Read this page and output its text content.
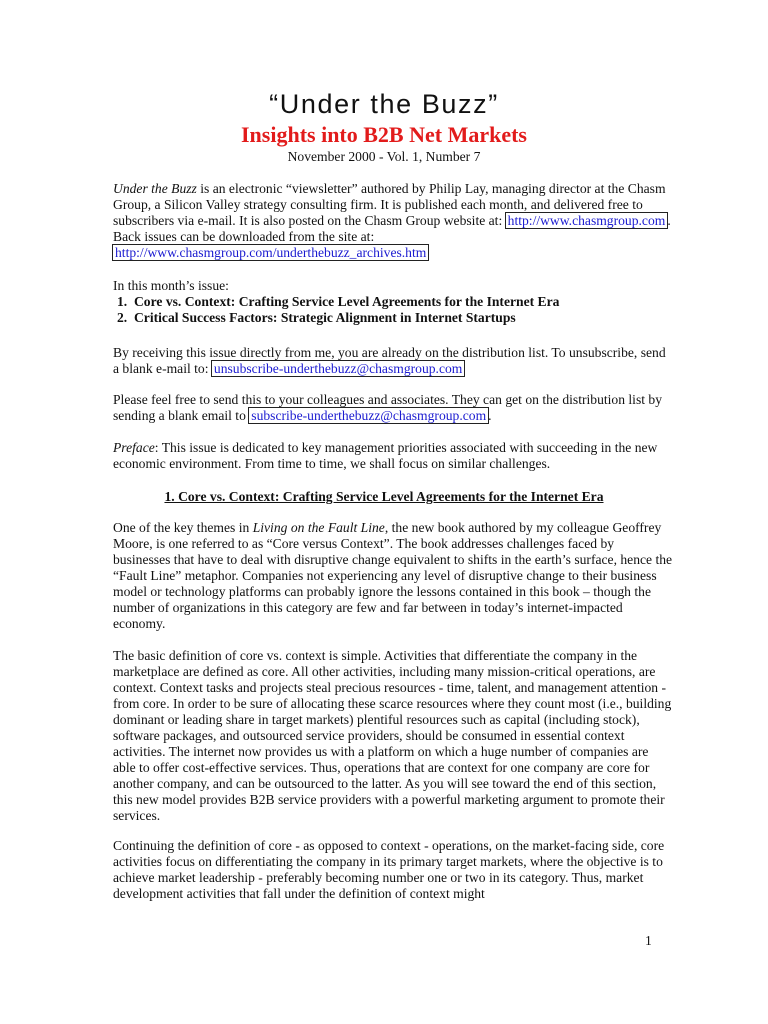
“Under the Buzz”
Insights into B2B Net Markets
November 2000 - Vol. 1, Number 7

Under the Buzz is an electronic “viewsletter” authored by Philip Lay, managing director at the Chasm Group, a Silicon Valley strategy consulting firm. It is published each month, and delivered free to subscribers via e-mail. It is also posted on the Chasm Group website at: http://www.chasmgroup.com . Back issues can be downloaded from the site at: http://www.chasmgroup.com/underthebuzz_archives.htm

In this month’s issue:

1.  Core vs. Context: Crafting Service Level Agreements for the Internet Era
2.  Critical Success Factors: Strategic Alignment in Internet Startups

By receiving this issue directly from me, you are already on the distribution list. To unsubscribe, send a blank e-mail to: unsubscribe-underthebuzz@chasmgroup.com

Please feel free to send this to your colleagues and associates. They can get on the distribution list by sending a blank email to subscribe-underthebuzz@chasmgroup.com .

Preface: This issue is dedicated to key management priorities associated with succeeding in the new economic environment. From time to time, we shall focus on similar challenges.

1. Core vs. Context: Crafting Service Level Agreements for the Internet Era

One of the key themes in Living on the Fault Line, the new book authored by my colleague Geoffrey Moore, is one referred to as “Core versus Context”. The book addresses challenges faced by businesses that have to deal with disruptive change equivalent to shifts in the earth’s surface, hence the “Fault Line” metaphor. Companies not experiencing any level of disruptive change to their business model or technology platforms can probably ignore the lessons contained in this book – though the number of organizations in this category are few and far between in today’s internet-impacted economy.

The basic definition of core vs. context is simple. Activities that differentiate the company in the marketplace are defined as core. All other activities, including many mission-critical operations, are context. Context tasks and projects steal precious resources - time, talent, and management attention - from core. In order to be sure of allocating these scarce resources where they count most (i.e., building dominant or leading share in target markets) plentiful resources such as capital (including stock), software packages, and outsourced service providers, should be consumed in essential context activities. The internet now provides us with a platform on which a huge number of companies are able to offer cost-effective services. Thus, operations that are context for one company are core for another company, and can be outsourced to the latter. As you will see toward the end of this section, this new model provides B2B service providers with a powerful marketing argument to promote their services.

Continuing the definition of core - as opposed to context - operations, on the market-facing side, core activities focus on differentiating the company in its primary target markets, where the objective is to achieve market leadership - preferably becoming number one or two in its category. Thus, market development activities that fall under the definition of context might

1
